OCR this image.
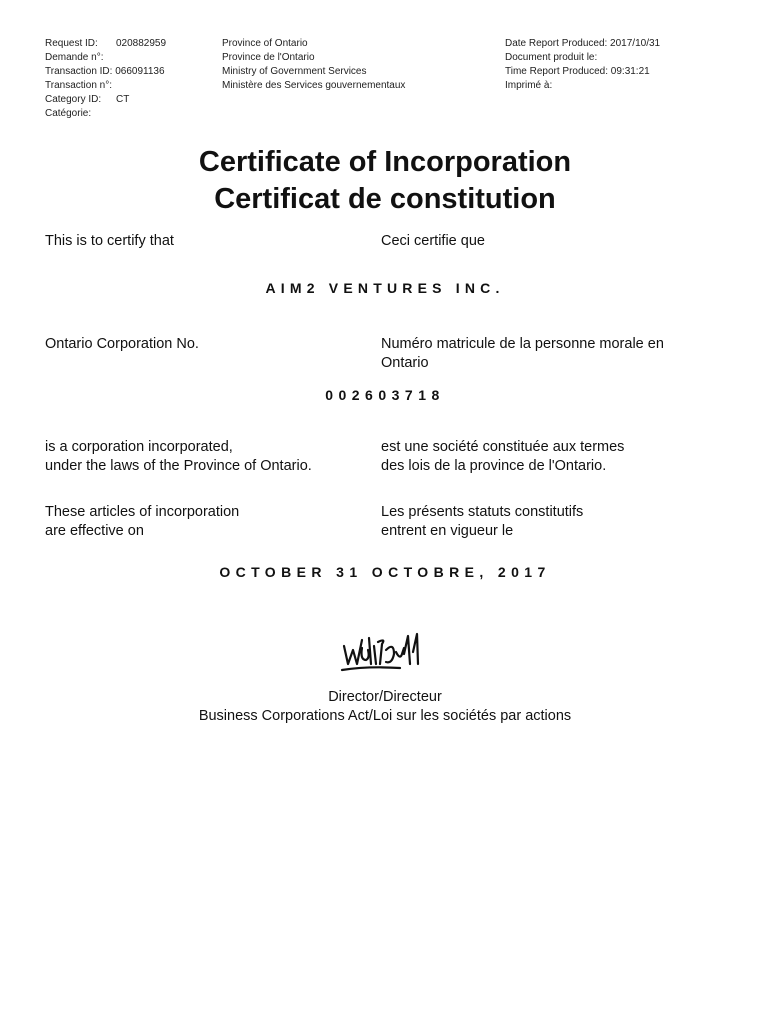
Request ID: 020882959
Demande n°:
Transaction ID: 066091136
Transaction n°:
Category ID: CT
Catégorie:
Province of Ontario
Province de l'Ontario
Ministry of Government Services
Ministère des Services gouvernementaux
Date Report Produced: 2017/10/31
Document produit le:
Time Report Produced: 09:31:21
Imprimé à:
Certificate of Incorporation
Certificat de constitution
This is to certify that	Ceci certifie que
AIM2 VENTURES INC.
Ontario Corporation No.	Numéro matricule de la personne morale en
Ontario
002603718
is a corporation incorporated,
under the laws of the Province of Ontario.
est une société constituée aux termes
des lois de la province de l'Ontario.
These articles of incorporation
are effective on
Les présents statuts constitutifs
entrent en vigueur le
OCTOBER 31 OCTOBRE, 2017
Director/Directeur
Business Corporations Act/Loi sur les sociétés par actions
